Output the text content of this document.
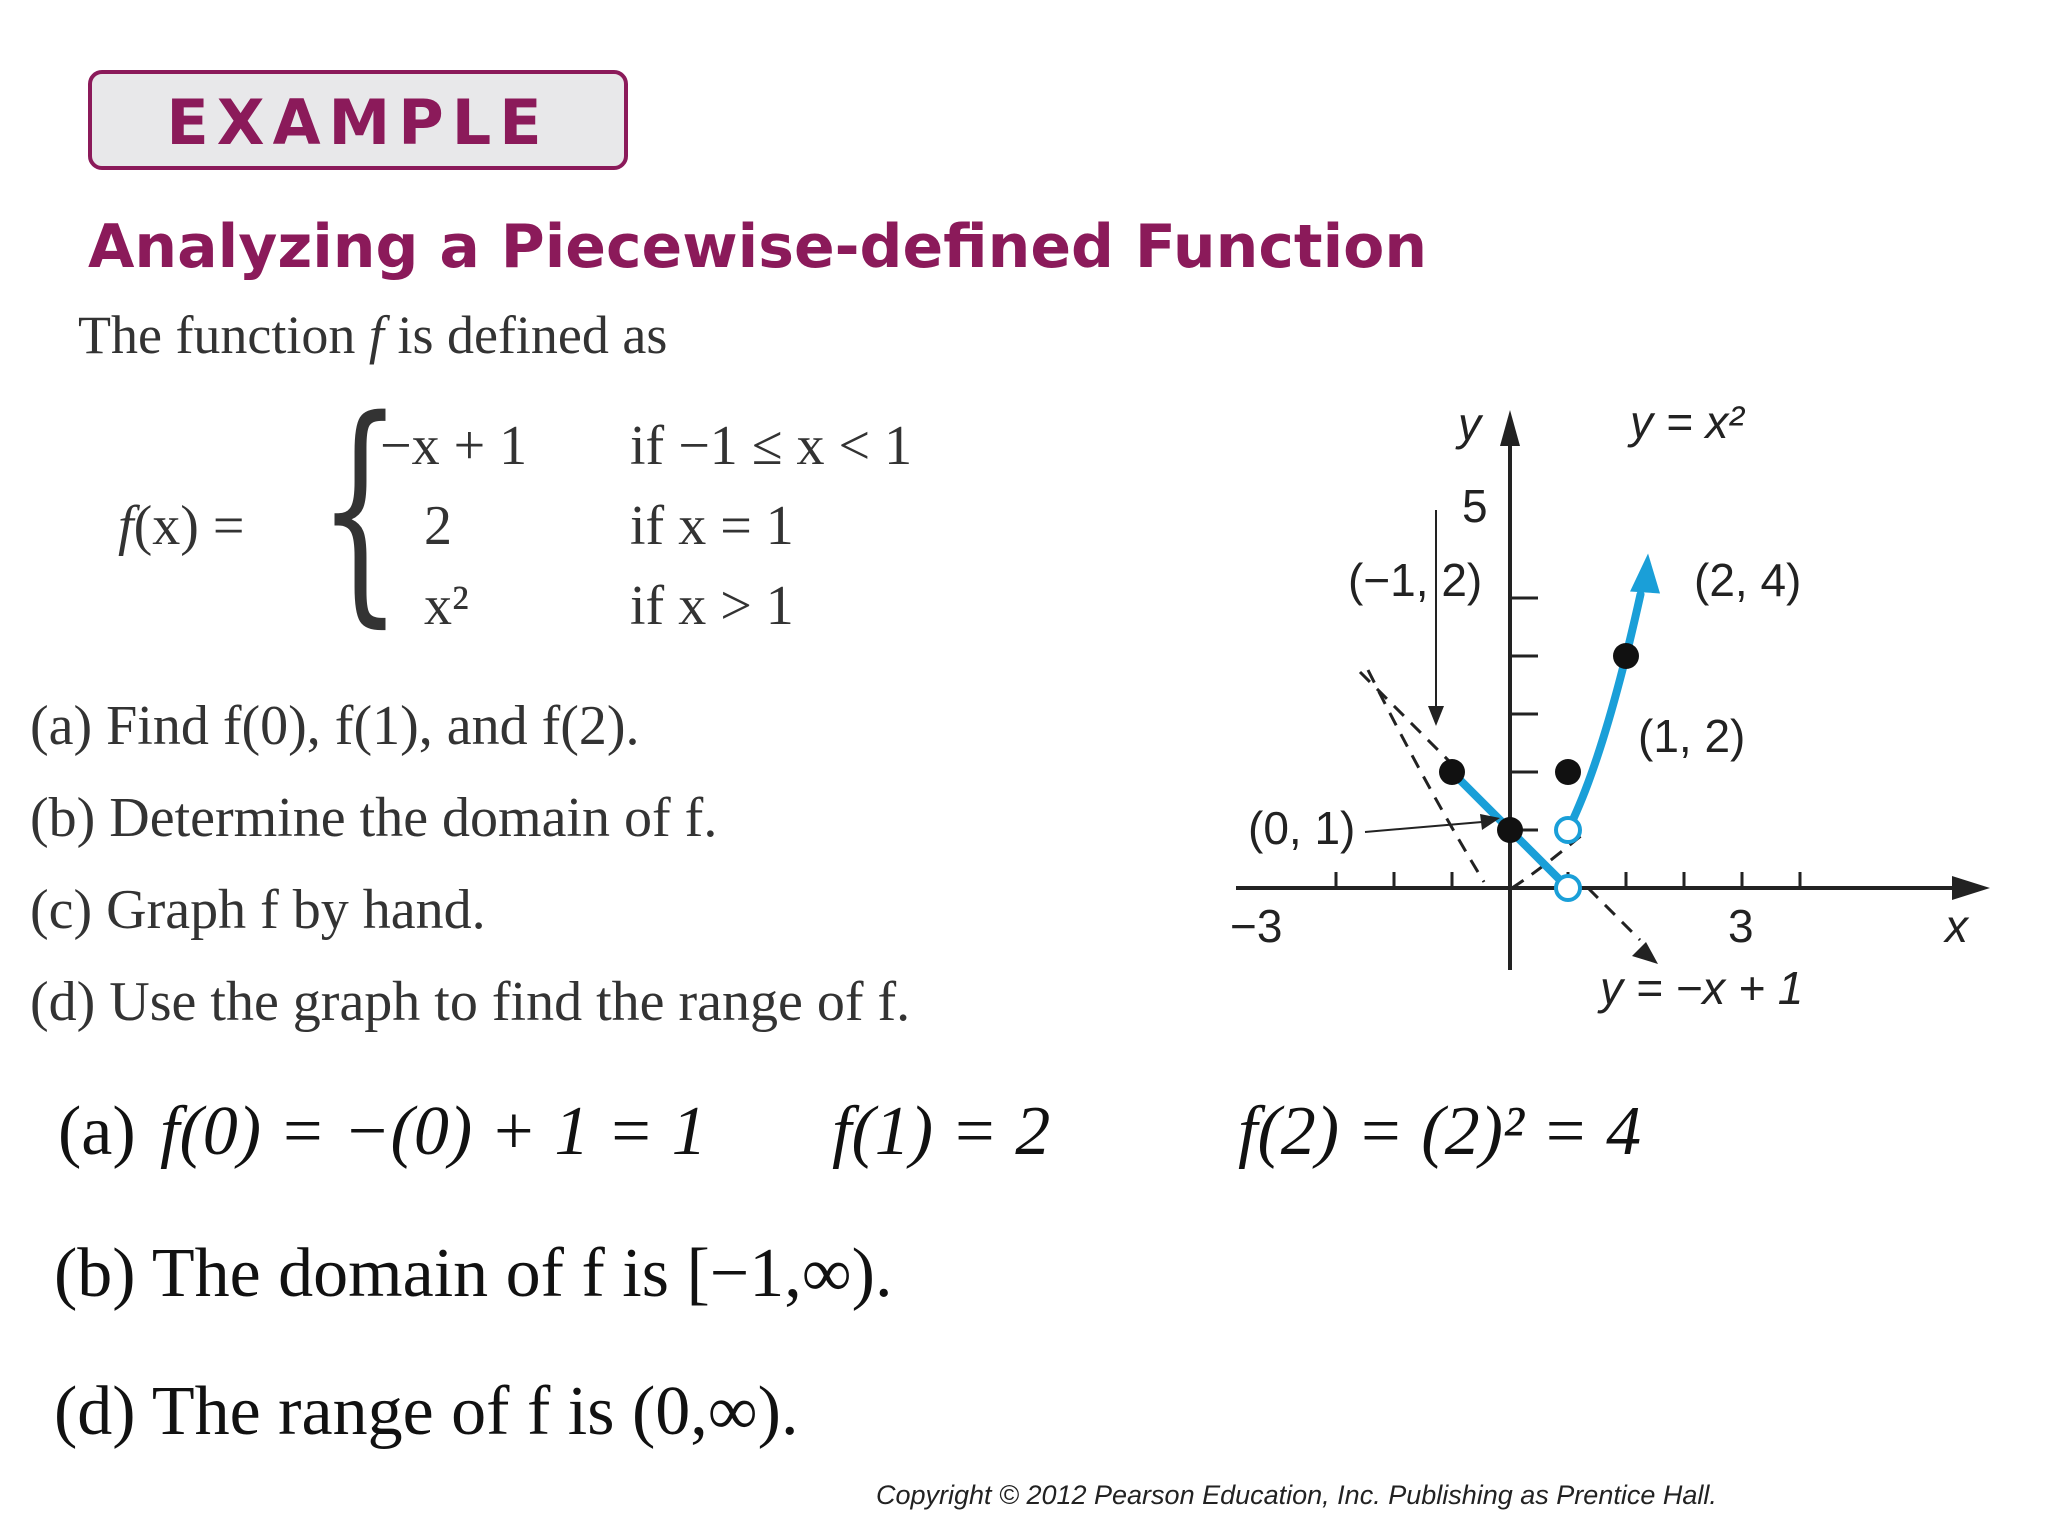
EXAMPLE
Analyzing a Piecewise-defined Function
The function f is defined as
f(x) = {
−x + 1 if −1 ≤ x < 1
2	if x = 1
x²	if x > 1
(a) Find f(0), f(1), and f(2).
(b) Determine the domain of f.
(c) Graph f by hand.
(d) Use the graph to find the range of f.
y
x
−3	3
5
y = x²
y = −x + 1
(−1, 2)
(0, 1)
(1, 2)
(2, 4)
(a) f(0) = −(0) + 1 = 1 f(1) = 2	f(2) = (2)² = 4
(b) The domain of f is [−1,∞).
(d) The range of f is (0,∞).
Copyright © 2012 Pearson Education, Inc. Publishing as Prentice Hall.
